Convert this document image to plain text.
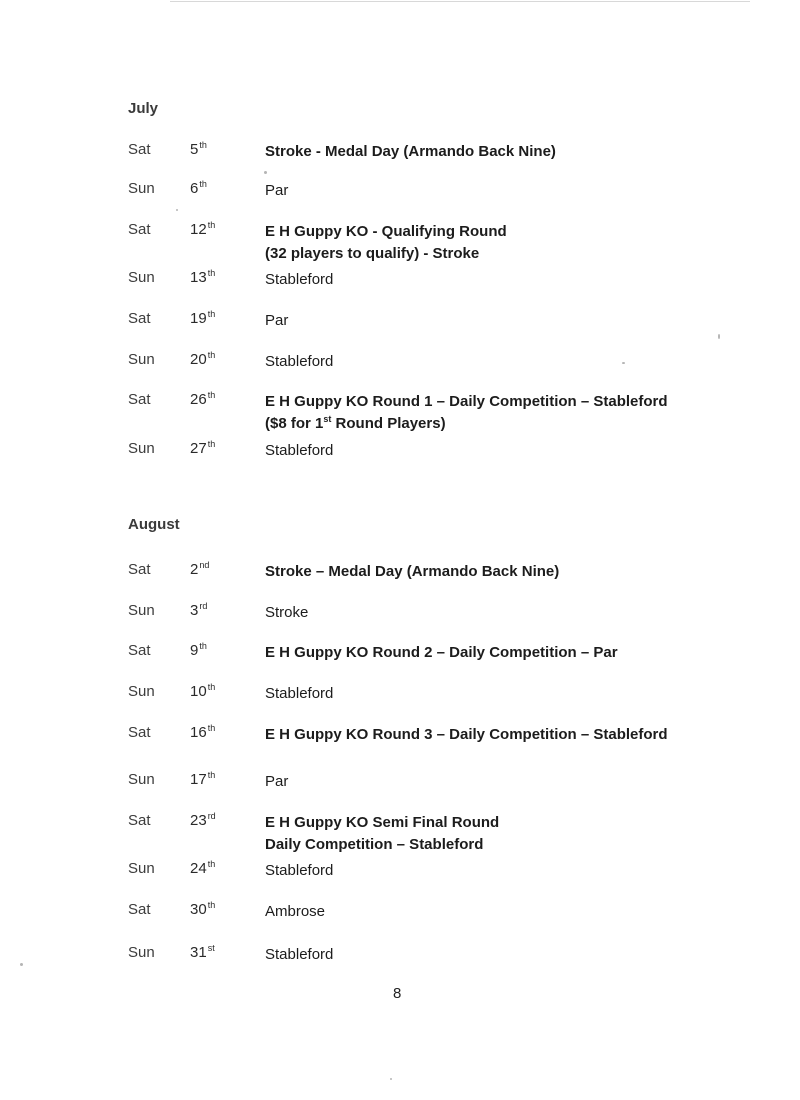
July
Sat	5th	Stroke - Medal Day (Armando Back Nine)
Sun 6th	Par
Sat	12th	E H Guppy KO - Qualifying Round
(32 players to qualify) - Stroke
Sun 13th	Stableford
Sat	19th	Par
Sun 20th	Stableford
Sat	26th	E H Guppy KO Round 1 – Daily Competition – Stableford
($8 for 1st Round Players)
Sun 27th	Stableford
August
Sat	2nd	Stroke – Medal Day (Armando Back Nine)
Sun 3rd	Stroke
Sat	9th	E H Guppy KO Round 2 – Daily Competition – Par
Sun 10th	Stableford
Sat	16th	E H Guppy KO Round 3 – Daily Competition – Stableford
Sun 17th	Par
Sat	23rd	E H Guppy KO Semi Final Round
Daily Competition – Stableford
Sun 24th	Stableford
Sat	30th	Ambrose
Sun 31st	Stableford
8
